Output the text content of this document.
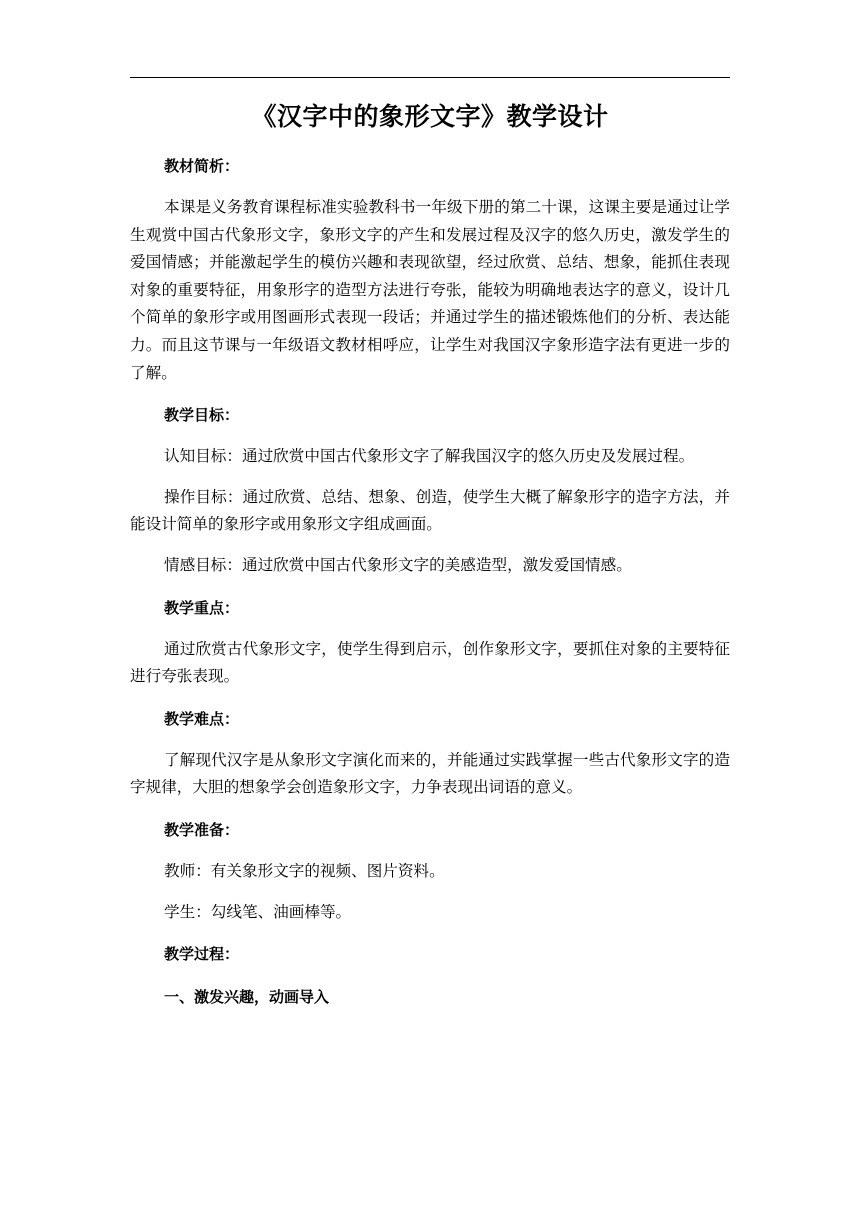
《汉字中的象形文字》教学设计

教材简析：

本课是义务教育课程标准实验教科书一年级下册的第二十课，这课主要是通过让学生观赏中国古代象形文字，象形文字的产生和发展过程及汉字的悠久历史，激发学生的爱国情感；并能激起学生的模仿兴趣和表现欲望，经过欣赏、总结、想象，能抓住表现对象的重要特征，用象形字的造型方法进行夸张，能较为明确地表达字的意义，设计几个简单的象形字或用图画形式表现一段话；并通过学生的描述锻炼他们的分析、表达能力。而且这节课与一年级语文教材相呼应，让学生对我国汉字象形造字法有更进一步的了解。

教学目标：

认知目标：通过欣赏中国古代象形文字了解我国汉字的悠久历史及发展过程。

操作目标：通过欣赏、总结、想象、创造，使学生大概了解象形字的造字方法，并能设计简单的象形字或用象形文字组成画面。

情感目标：通过欣赏中国古代象形文字的美感造型，激发爱国情感。

教学重点：

通过欣赏古代象形文字，使学生得到启示，创作象形文字，要抓住对象的主要特征进行夸张表现。

教学难点：

了解现代汉字是从象形文字演化而来的，并能通过实践掌握一些古代象形文字的造字规律，大胆的想象学会创造象形文字，力争表现出词语的意义。

教学准备：

教师：有关象形文字的视频、图片资料。

学生：勾线笔、油画棒等。

教学过程：

一、激发兴趣，动画导入
